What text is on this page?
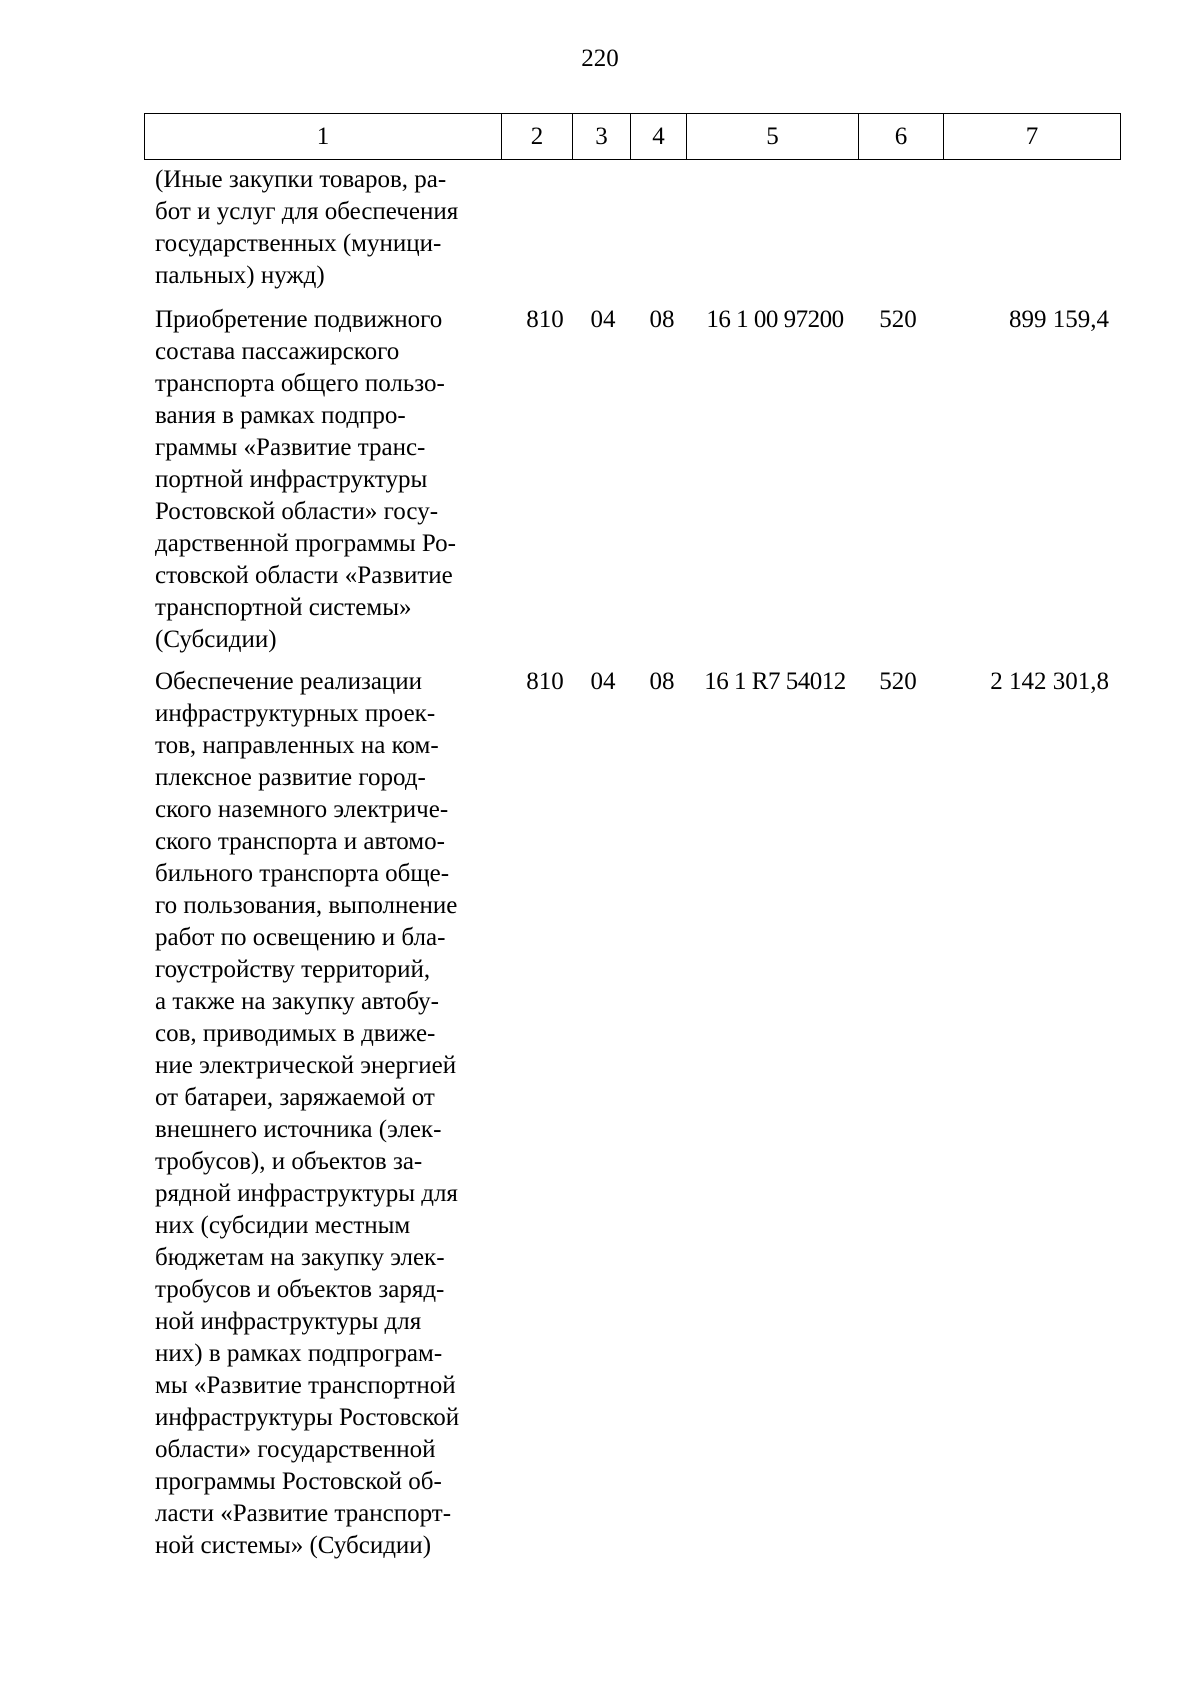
220
1	2	3	4	5	6	7
(Иные закупки товаров, ра-
бот и услуг для обеспечения
государственных (муници-
пальных) нужд)
Приобретение подвижного
состава пассажирского
транспорта общего пользо-
вания в рамках подпро-
граммы «Развитие транс-
портной инфраструктуры
Ростовской области» госу-
дарственной программы Ро-
стовской области «Развитие
транспортной системы»
(Субсидии)
810	04	08	16 1 00 97200	520	899 159,4
Обеспечение реализации
инфраструктурных проек-
тов, направленных на ком-
плексное развитие город-
ского наземного электриче-
ского транспорта и автомо-
бильного транспорта обще-
го пользования, выполнение
работ по освещению и бла-
гоустройству территорий,
а также на закупку автобу-
сов, приводимых в движе-
ние электрической энергией
от батареи, заряжаемой от
внешнего источника (элек-
тробусов), и объектов за-
рядной инфраструктуры для
них (субсидии местным
бюджетам на закупку элек-
тробусов и объектов заряд-
ной инфраструктуры для
них) в рамках подпрограм-
мы «Развитие транспортной
инфраструктуры Ростовской
области» государственной
программы Ростовской об-
ласти «Развитие транспорт-
ной системы» (Субсидии)
810	04	08	16 1 R7 54012	520	2 142 301,8
